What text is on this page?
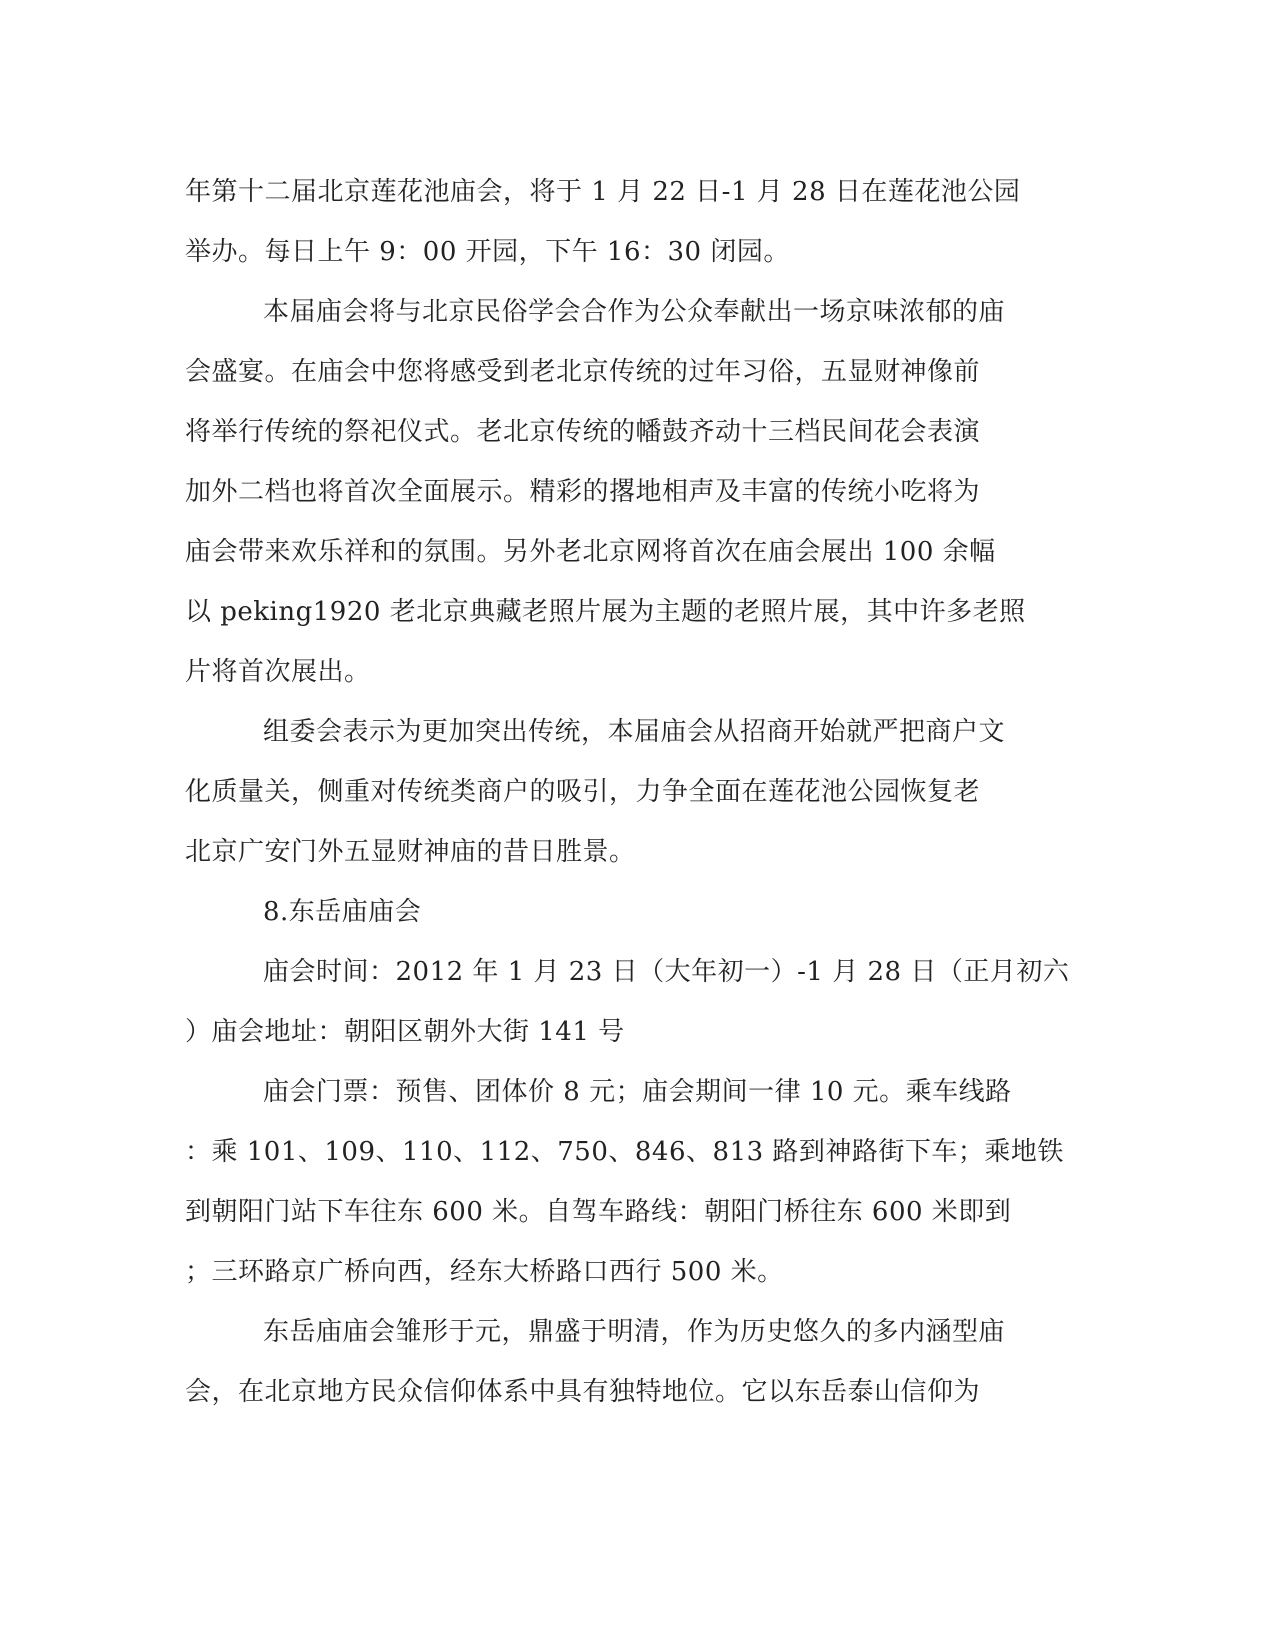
年第十二届北京莲花池庙会，将于 1 月 22 日-1 月 28 日在莲花池公园
举办。每日上午 9：00 开园，下午 16：30 闭园。
本届庙会将与北京民俗学会合作为公众奉献出一场京味浓郁的庙
会盛宴。在庙会中您将感受到老北京传统的过年习俗，五显财神像前
将举行传统的祭祀仪式。老北京传统的幡鼓齐动十三档民间花会表演
加外二档也将首次全面展示。精彩的撂地相声及丰富的传统小吃将为
庙会带来欢乐祥和的氛围。另外老北京网将首次在庙会展出 100 余幅
以 peking1920 老北京典藏老照片展为主题的老照片展，其中许多老照
片将首次展出。
组委会表示为更加突出传统，本届庙会从招商开始就严把商户文
化质量关，侧重对传统类商户的吸引，力争全面在莲花池公园恢复老
北京广安门外五显财神庙的昔日胜景。
8.东岳庙庙会
庙会时间：2012 年 1 月 23 日（大年初一）-1 月 28 日（正月初六
）庙会地址：朝阳区朝外大街 141 号
庙会门票：预售、团体价 8 元；庙会期间一律 10 元。乘车线路
：乘 101、109、110、112、750、846、813 路到神路街下车；乘地铁
到朝阳门站下车往东 600 米。自驾车路线：朝阳门桥往东 600 米即到
；三环路京广桥向西，经东大桥路口西行 500 米。
东岳庙庙会雏形于元，鼎盛于明清，作为历史悠久的多内涵型庙
会，在北京地方民众信仰体系中具有独特地位。它以东岳泰山信仰为
